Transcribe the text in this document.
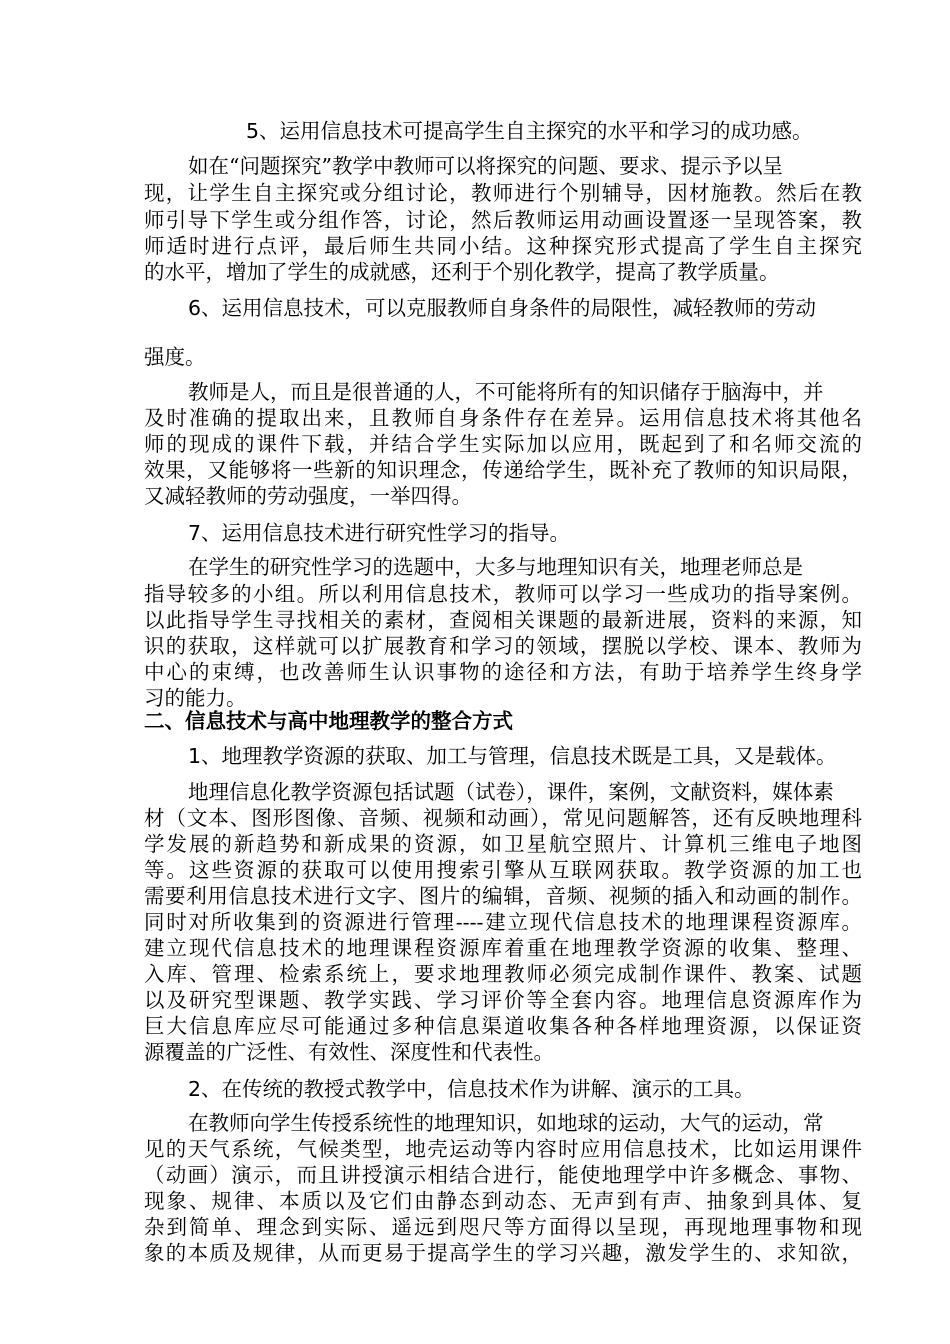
5、运用信息技术可提高学生自主探究的水平和学习的成功感。

如在“问题探究”教学中教师可以将探究的问题、要求、提示予以呈

现，让学生自主探究或分组讨论，教师进行个别辅导，因材施教。然后在教

师引导下学生或分组作答，讨论，然后教师运用动画设置逐一呈现答案，教

师适时进行点评，最后师生共同小结。这种探究形式提高了学生自主探究

的水平，增加了学生的成就感，还利于个别化教学，提高了教学质量。

6、运用信息技术，可以克服教师自身条件的局限性，减轻教师的劳动

强度。

教师是人，而且是很普通的人，不可能将所有的知识储存于脑海中，并

及时准确的提取出来，且教师自身条件存在差异。运用信息技术将其他名

师的现成的课件下载，并结合学生实际加以应用，既起到了和名师交流的

效果，又能够将一些新的知识理念，传递给学生，既补充了教师的知识局限，

又减轻教师的劳动强度，一举四得。

7、运用信息技术进行研究性学习的指导。

在学生的研究性学习的选题中，大多与地理知识有关，地理老师总是

指导较多的小组。所以利用信息技术，教师可以学习一些成功的指导案例。

以此指导学生寻找相关的素材，查阅相关课题的最新进展，资料的来源，知

识的获取，这样就可以扩展教育和学习的领域，摆脱以学校、课本、教师为

中心的束缚，也改善师生认识事物的途径和方法，有助于培养学生终身学

习的能力。

二、信息技术与高中地理教学的整合方式

1、地理教学资源的获取、加工与管理，信息技术既是工具，又是载体。

地理信息化教学资源包括试题（试卷），课件，案例，文献资料，媒体素

材（文本、图形图像、音频、视频和动画），常见问题解答，还有反映地理科

学发展的新趋势和新成果的资源，如卫星航空照片、计算机三维电子地图

等。这些资源的获取可以使用搜索引擎从互联网获取。教学资源的加工也

需要利用信息技术进行文字、图片的编辑，音频、视频的插入和动画的制作。

同时对所收集到的资源进行管理----建立现代信息技术的地理课程资源库。

建立现代信息技术的地理课程资源库着重在地理教学资源的收集、整理、

入库、管理、检索系统上，要求地理教师必须完成制作课件、教案、试题

以及研究型课题、教学实践、学习评价等全套内容。地理信息资源库作为

巨大信息库应尽可能通过多种信息渠道收集各种各样地理资源，以保证资

源覆盖的广泛性、有效性、深度性和代表性。

2、在传统的教授式教学中，信息技术作为讲解、演示的工具。

在教师向学生传授系统性的地理知识，如地球的运动，大气的运动，常

见的天气系统，气候类型，地壳运动等内容时应用信息技术，比如运用课件

（动画）演示，而且讲授演示相结合进行，能使地理学中许多概念、事物、

现象、规律、本质以及它们由静态到动态、无声到有声、抽象到具体、复

杂到简单、理念到实际、遥远到咫尺等方面得以呈现，再现地理事物和现

象的本质及规律，从而更易于提高学生的学习兴趣，激发学生的、求知欲，
